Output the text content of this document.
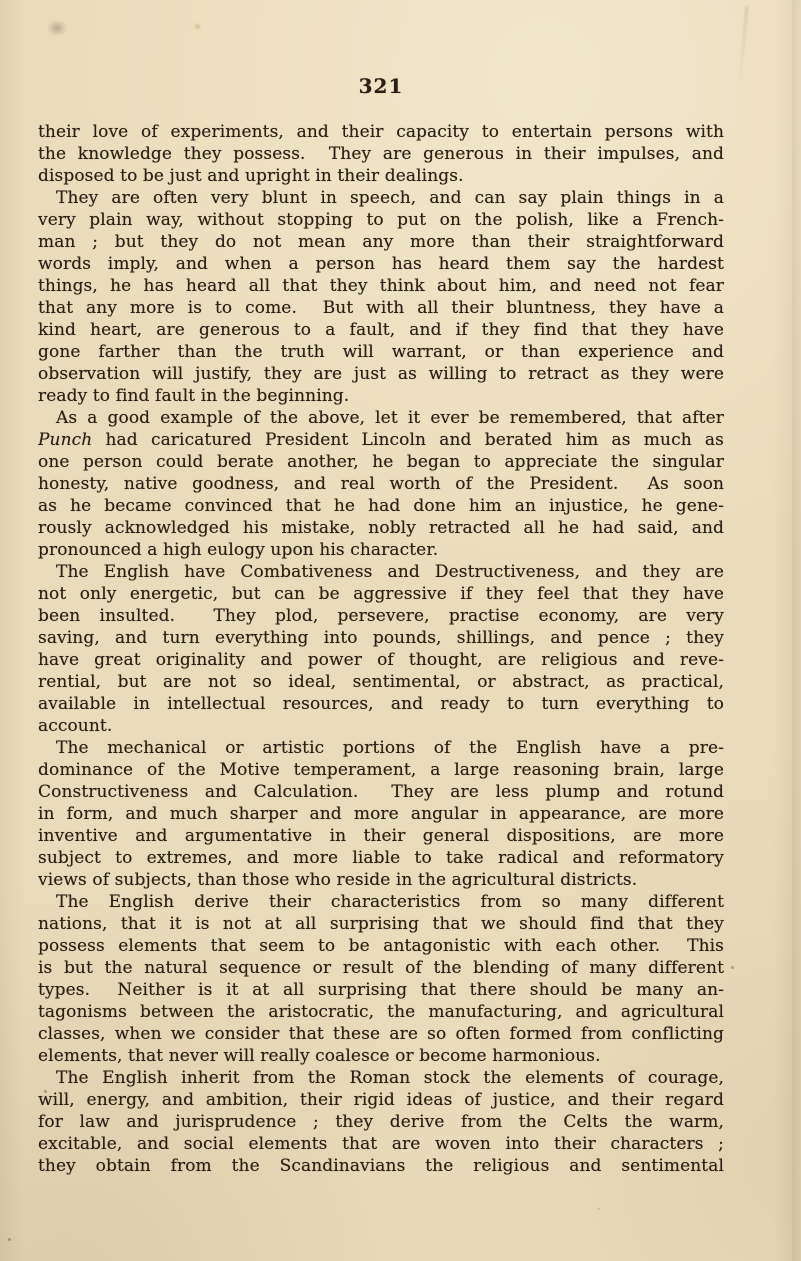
321
their love of experiments, and their capacity to entertain persons with
the knowledge they possess.  They are generous in their impulses, and
disposed to be just and upright in their dealings.
They are often very blunt in speech, and can say plain things in a
very plain way, without stopping to put on the polish, like a French-
man ; but they do not mean any more than their straightforward
words imply, and when a person has heard them say the hardest
things, he has heard all that they think about him, and need not fear
that any more is to come.  But with all their bluntness, they have a
kind heart, are generous to a fault, and if they find that they have
gone farther than the truth will warrant, or than experience and
observation will justify, they are just as willing to retract as they were
ready to find fault in the beginning.
As a good example of the above, let it ever be remembered, that after
Punch had caricatured President Lincoln and berated him as much as
one person could berate another, he began to appreciate the singular
honesty, native goodness, and real worth of the President.  As soon
as he became convinced that he had done him an injustice, he gene-
rously acknowledged his mistake, nobly retracted all he had said, and
pronounced a high eulogy upon his character.
The English have Combativeness and Destructiveness, and they are
not only energetic, but can be aggressive if they feel that they have
been insulted.  They plod, persevere, practise economy, are very
saving, and turn everything into pounds, shillings, and pence ; they
have great originality and power of thought, are religious and reve-
rential, but are not so ideal, sentimental, or abstract, as practical,
available in intellectual resources, and ready to turn everything to
account.
The mechanical or artistic portions of the English have a pre-
dominance of the Motive temperament, a large reasoning brain, large
Constructiveness and Calculation.  They are less plump and rotund
in form, and much sharper and more angular in appearance, are more
inventive and argumentative in their general dispositions, are more
subject to extremes, and more liable to take radical and reformatory
views of subjects, than those who reside in the agricultural districts.
The English derive their characteristics from so many different
nations, that it is not at all surprising that we should find that they
possess elements that seem to be antagonistic with each other.  This
is but the natural sequence or result of the blending of many different
types.  Neither is it at all surprising that there should be many an-
tagonisms between the aristocratic, the manufacturing, and agricultural
classes, when we consider that these are so often formed from conflicting
elements, that never will really coalesce or become harmonious.
The English inherit from the Roman stock the elements of courage,
will, energy, and ambition, their rigid ideas of justice, and their regard
for law and jurisprudence ; they derive from the Celts the warm,
excitable, and social elements that are woven into their characters ;
they obtain from the Scandinavians the religious and sentimental
